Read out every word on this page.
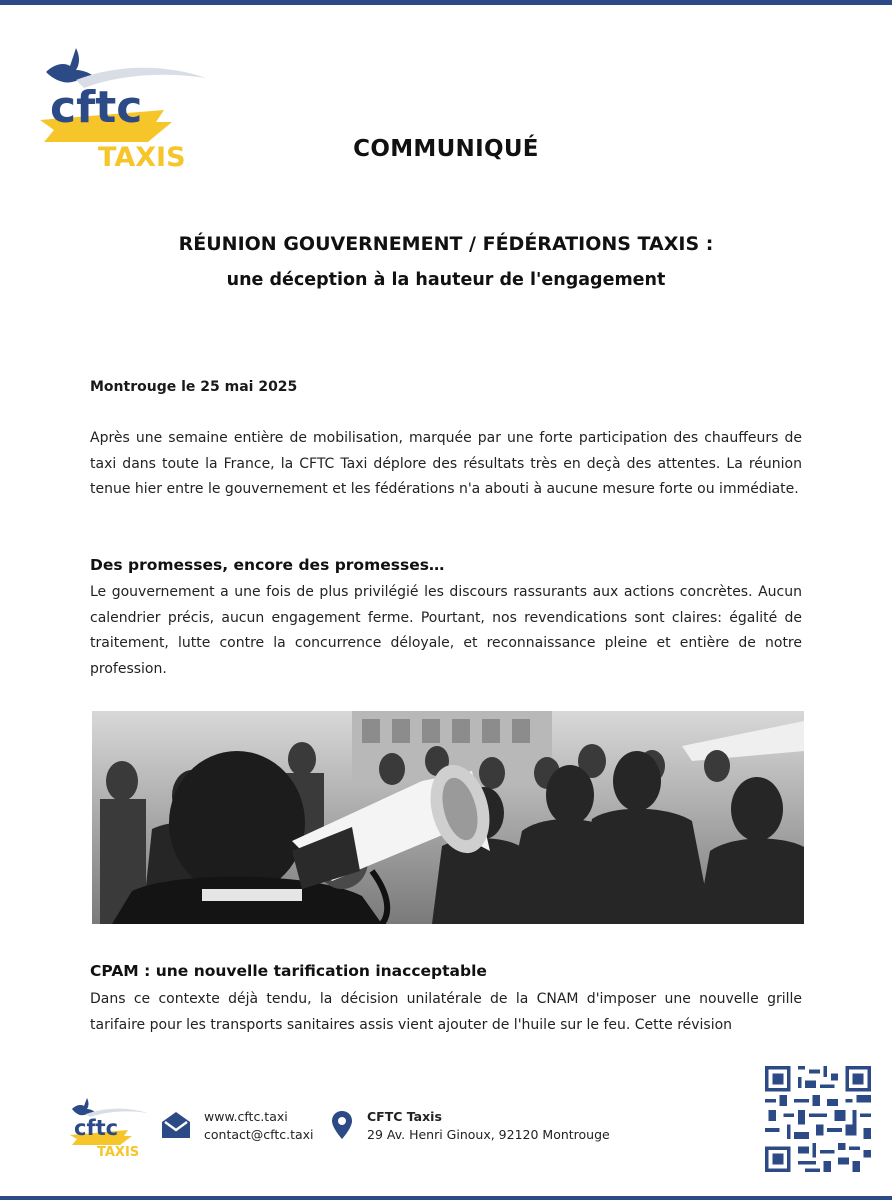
cftc
TAXIS	COMMUNIQUÉ
RÉUNION GOUVERNEMENT / FÉDÉRATIONS TAXIS :
une déception à la hauteur de l'engagement
Montrouge le 25 mai 2025

Après une semaine entière de mobilisation, marquée par une forte participation des chauffeurs de taxi dans toute la France, la CFTC Taxi déplore des résultats très en deçà des attentes. La réunion tenue hier entre le gouvernement et les fédérations n'a abouti à aucune mesure forte ou immédiate.

Des promesses, encore des promesses…

Le gouvernement a une fois de plus privilégié les discours rassurants aux actions concrètes. Aucun calendrier précis, aucun engagement ferme. Pourtant, nos revendications sont claires: égalité de traitement, lutte contre la concurrence déloyale, et reconnaissance pleine et entière de notre profession.

CPAM : une nouvelle tarification inacceptable

Dans ce contexte déjà tendu, la décision unilatérale de la CNAM d'imposer une nouvelle grille tarifaire pour les transports sanitaires assis vient ajouter de l'huile sur le feu. Cette révision

cftc
TAXIS
www.cftc.taxi
contact@cftc.taxi
CFTC Taxis
29 Av. Henri Ginoux, 92120 Montrouge
